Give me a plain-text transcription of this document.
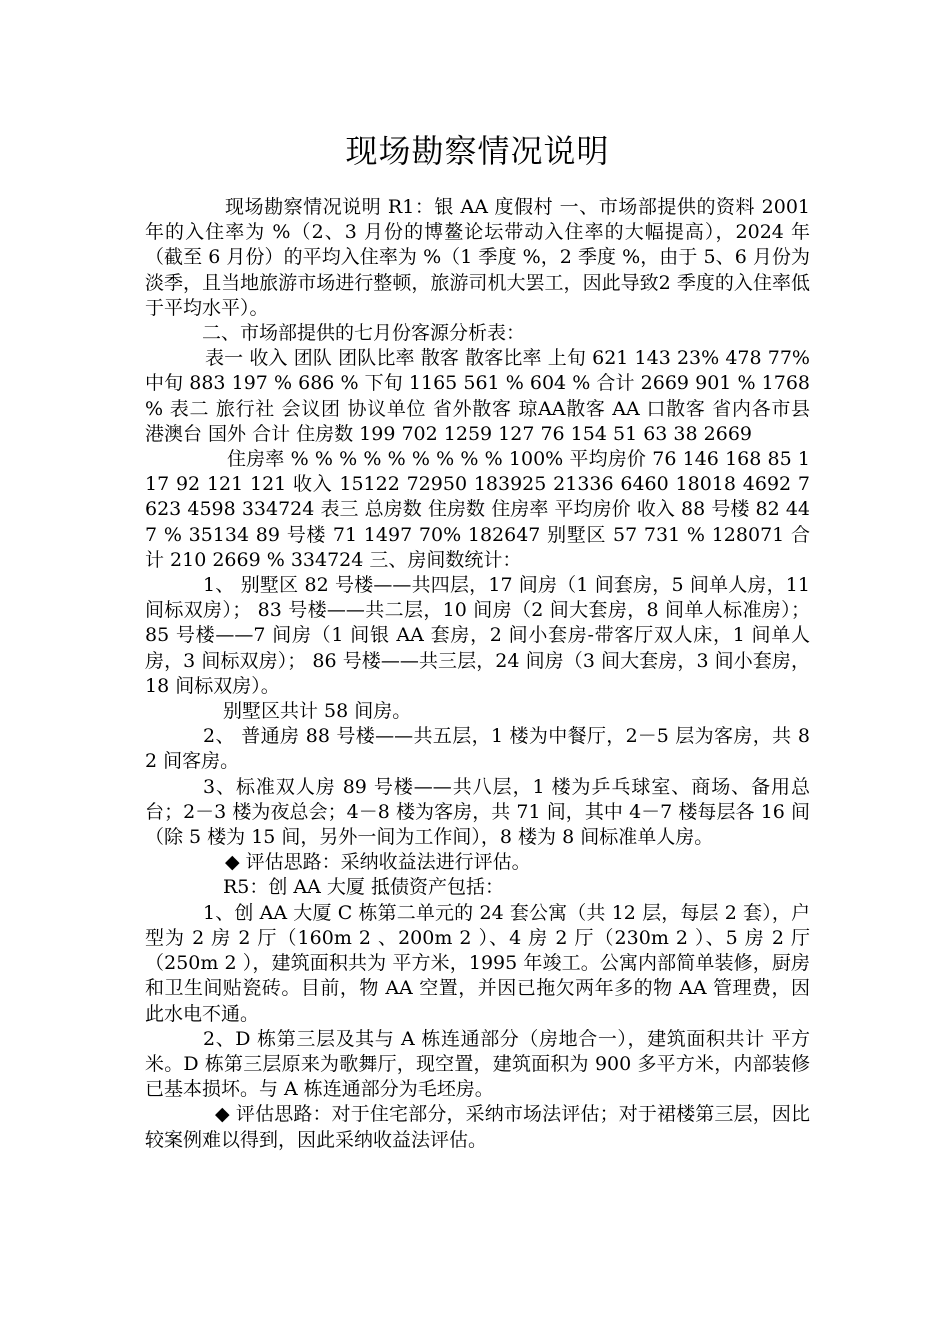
现场勘察情况说明

现场勘察情况说明 R1：银 AA 度假村 一、市场部提供的资料 2001 年的入住率为 %（2、3 月份的博鳌论坛带动入住率的大幅提高），2024 年（截至 6 月份）的平均入住率为 %（1 季度 %，2 季度 %，由于 5、6 月份为淡季，且当地旅游市场进行整顿，旅游司机大罢工，因此导致2 季度的入住率低于平均水平）。

二、市场部提供的七月份客源分析表：

表一 收入 团队 团队比率 散客 散客比率 上旬 621 143 23% 478 77% 中旬 883 197 % 686 % 下旬 1165 561 % 604 % 合计 2669 901 % 1768 % 表二 旅行社 会议团 协议单位 省外散客 琼AA散客 AA 口散客 省内各市县 港澳台 国外 合计 住房数 199 702 1259 127 76 154 51 63 38 2669

住房率 % % % % % % % % % 100% 平均房价 76 146 168 85 117 92 121 121 收入 15122 72950 183925 21336 6460 18018 4692 7623 4598 334724 表三 总房数 住房数 住房率 平均房价 收入 88 号楼 82 447 % 35134 89 号楼 71 1497 70% 182647 别墅区 57 731 % 128071 合计 210 2669 % 334724 三、房间数统计：

1、 别墅区 82 号楼——共四层，17 间房（1 间套房，5 间单人房，11 间标双房）； 83 号楼——共二层，10 间房（2 间大套房，8 间单人标准房）； 85 号楼——7 间房（1 间银 AA 套房，2 间小套房-带客厅双人床，1 间单人房，3 间标双房）； 86 号楼——共三层，24 间房（3 间大套房，3 间小套房，18 间标双房）。

别墅区共计 58 间房。

2、 普通房 88 号楼——共五层，1 楼为中餐厅，2－5 层为客房，共 82 间客房。

3、标准双人房 89 号楼——共八层，1 楼为乒乓球室、商场、备用总台；2－3 楼为夜总会；4－8 楼为客房，共 71 间，其中 4－7 楼每层各 16 间（除 5 楼为 15 间，另外一间为工作间），8 楼为 8 间标准单人房。

◆ 评估思路：采纳收益法进行评估。

R5：创 AA 大厦 抵债资产包括：

1、创 AA 大厦 C 栋第二单元的 24 套公寓（共 12 层，每层 2 套），户型为 2 房 2 厅（160m 2 、200m 2 ）、4 房 2 厅（230m 2 ）、5 房 2 厅（250m 2 ），建筑面积共为 平方米，1995 年竣工。公寓内部简单装修，厨房和卫生间贴瓷砖。目前，物 AA 空置，并因已拖欠两年多的物 AA 管理费，因此水电不通。

2、D 栋第三层及其与 A 栋连通部分（房地合一），建筑面积共计 平方米。D 栋第三层原来为歌舞厅，现空置，建筑面积为 900 多平方米，内部装修已基本损坏。与 A 栋连通部分为毛坯房。

◆ 评估思路：对于住宅部分，采纳市场法评估；对于裙楼第三层，因比较案例难以得到，因此采纳收益法评估。
